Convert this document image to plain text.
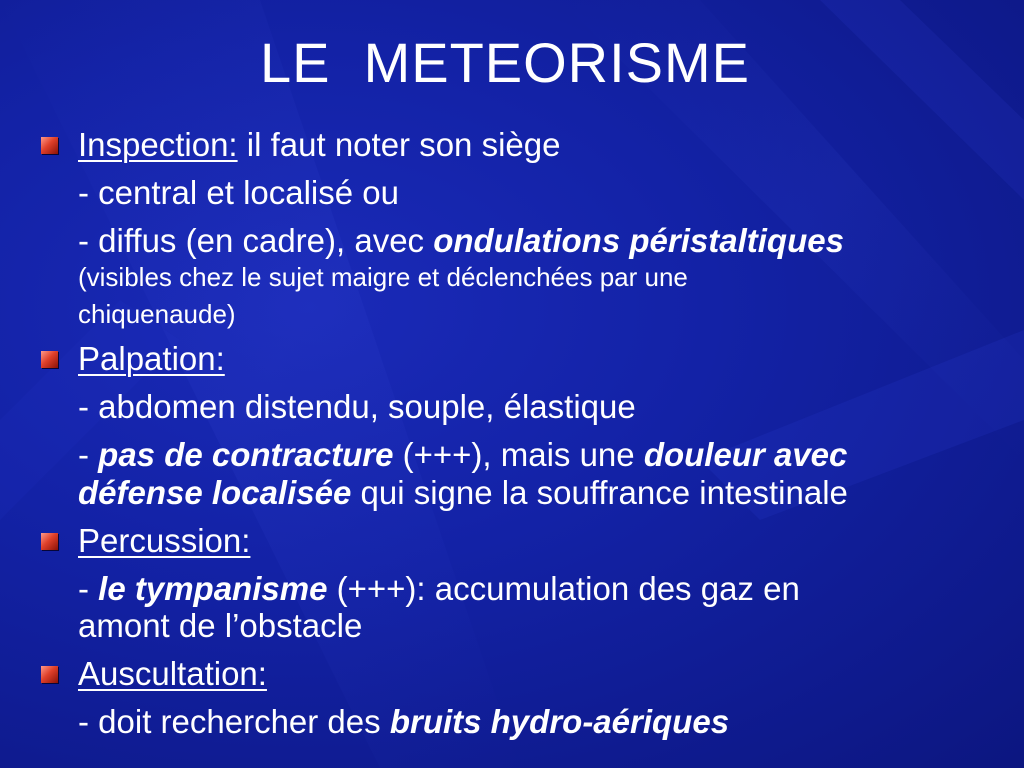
LE  METEORISME
Inspection: il faut noter son siège
- central et localisé ou
- diffus (en cadre), avec ondulations péristaltiques
(visibles chez le sujet maigre et déclenchées par une
chiquenaude)
Palpation:
- abdomen distendu, souple, élastique
- pas de contracture (+++), mais une douleur avec
défense localisée qui signe la souffrance intestinale
Percussion:
- le tympanisme (+++): accumulation des gaz en
amont de l’obstacle
Auscultation:
- doit rechercher des bruits hydro-aériques
